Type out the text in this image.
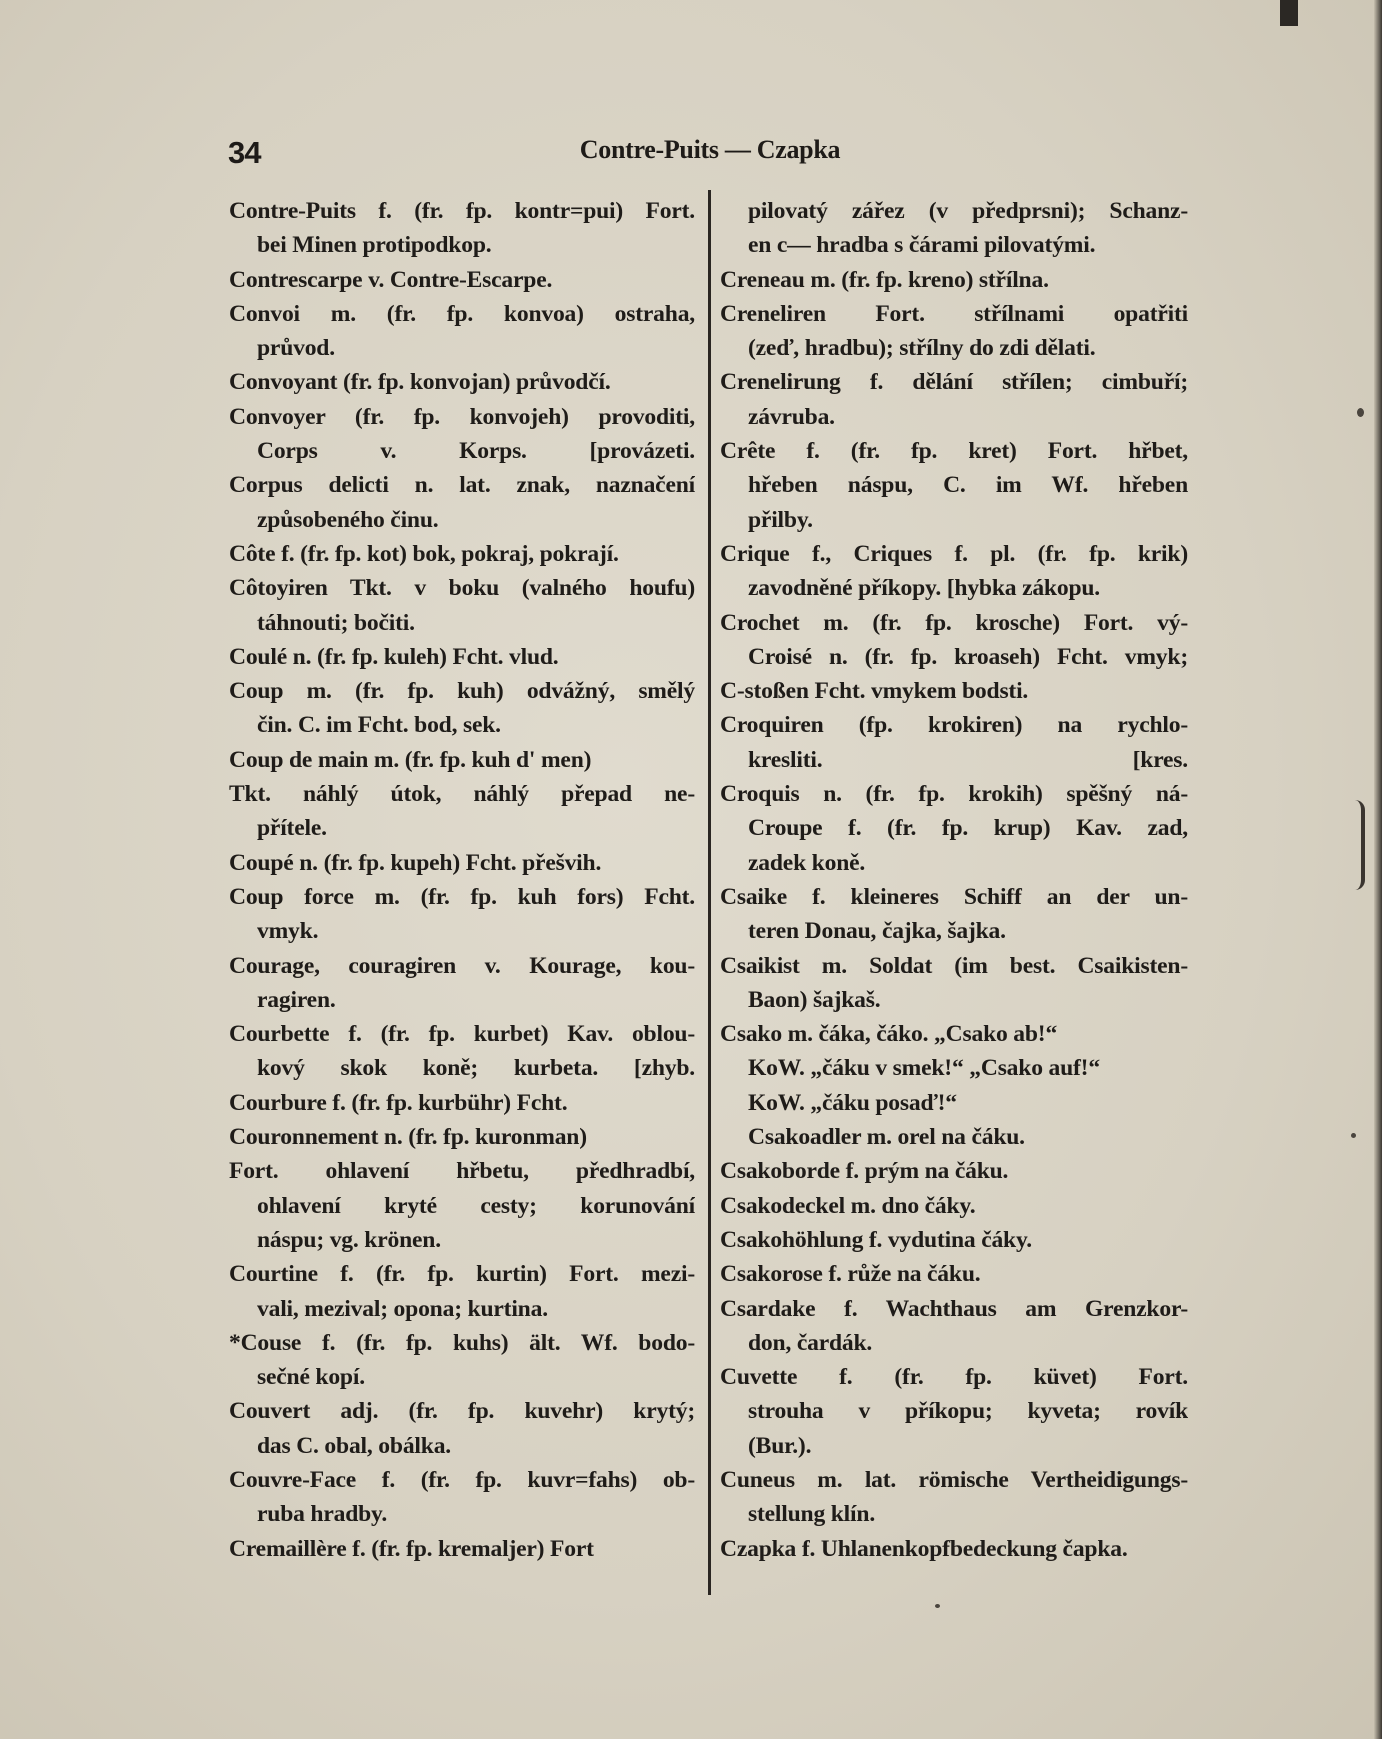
34	Contre-Puits — Czapka
Contre-Puits f. (fr. fp. kontr=pui) Fort.
bei Minen protipodkop.
Contrescarpe v. Contre-Escarpe.
Convoi m. (fr. fp. konvoa) ostraha,
průvod.
Convoyant (fr. fp. konvojan) průvodčí.
Convoyer (fr. fp. konvojeh) provoditi,
Corps v. Korps. [provázeti.
Corpus delicti n. lat. znak, naznačení
způsobeného činu.
Côte f. (fr. fp. kot) bok, pokraj, pokrají.
Côtoyiren Tkt. v boku (valného houfu)
táhnouti; bočiti.
Coulé n. (fr. fp. kuleh) Fcht. vlud.
Coup m. (fr. fp. kuh) odvážný, smělý
čin. C. im Fcht. bod, sek.
Coup de main m. (fr. fp. kuh d' men)
Tkt. náhlý útok, náhlý přepad ne-
přítele.
Coupé n. (fr. fp. kupeh) Fcht. přešvih.
Coup force m. (fr. fp. kuh fors) Fcht.
vmyk.
Courage, couragiren v. Kourage, kou-
ragiren.
Courbette f. (fr. fp. kurbet) Kav. oblou-
kový skok koně; kurbeta. [zhyb.
Courbure f. (fr. fp. kurbühr) Fcht.
Couronnement n. (fr. fp. kuronman)
Fort. ohlavení hřbetu, předhradbí,
ohlavení kryté cesty; korunování
náspu; vg. krönen.
Courtine f. (fr. fp. kurtin) Fort. mezi-
vali, mezival; opona; kurtina.
*Couse f. (fr. fp. kuhs) ält. Wf. bodo-
sečné kopí.
Couvert adj. (fr. fp. kuvehr) krytý;
das C. obal, obálka.
Couvre-Face f. (fr. fp. kuvr=fahs) ob-
ruba hradby.
Cremaillère f. (fr. fp. kremaljer) Fort
pilovatý zářez (v předprsni); Schanz-
en c— hradba s čárami pilovatými.
Creneau m. (fr. fp. kreno) střílna.
Creneliren Fort. střílnami opatřiti
(zeď, hradbu); střílny do zdi dělati.
Crenelirung f. dělání střílen; cimbuří;
závruba.
Crête f. (fr. fp. kret) Fort. hřbet,
hřeben náspu, C. im Wf. hřeben
přilby.
Crique f., Criques f. pl. (fr. fp. krik)
zavodněné příkopy. [hybka zákopu.
Crochet m. (fr. fp. krosche) Fort. vý-
Croisé n. (fr. fp. kroaseh) Fcht. vmyk;
C-stoßen Fcht. vmykem bodsti.
Croquiren (fp. krokiren) na rychlo-
kresliti. [kres.
Croquis n. (fr. fp. krokih) spěšný ná-
Croupe f. (fr. fp. krup) Kav. zad,
zadek koně.
Csaike f. kleineres Schiff an der un-
teren Donau, čajka, šajka.
Csaikist m. Soldat (im best. Csaikisten-
Baon) šajkaš.
Csako m. čáka, čáko. „Csako ab!“
KoW. „čáku v smek!“ „Csako auf!“
KoW. „čáku posaď!“
Csakoadler m. orel na čáku.
Csakoborde f. prým na čáku.
Csakodeckel m. dno čáky.
Csakohöhlung f. vydutina čáky.
Csakorose f. růže na čáku.
Csardake f. Wachthaus am Grenzkor-
don, čardák.
Cuvette f. (fr. fp. küvet) Fort.
strouha v příkopu; kyveta; rovík
(Bur.).
Cuneus m. lat. römische Vertheidigungs-
stellung klín.
Czapka f. Uhlanenkopfbedeckung čapka.
